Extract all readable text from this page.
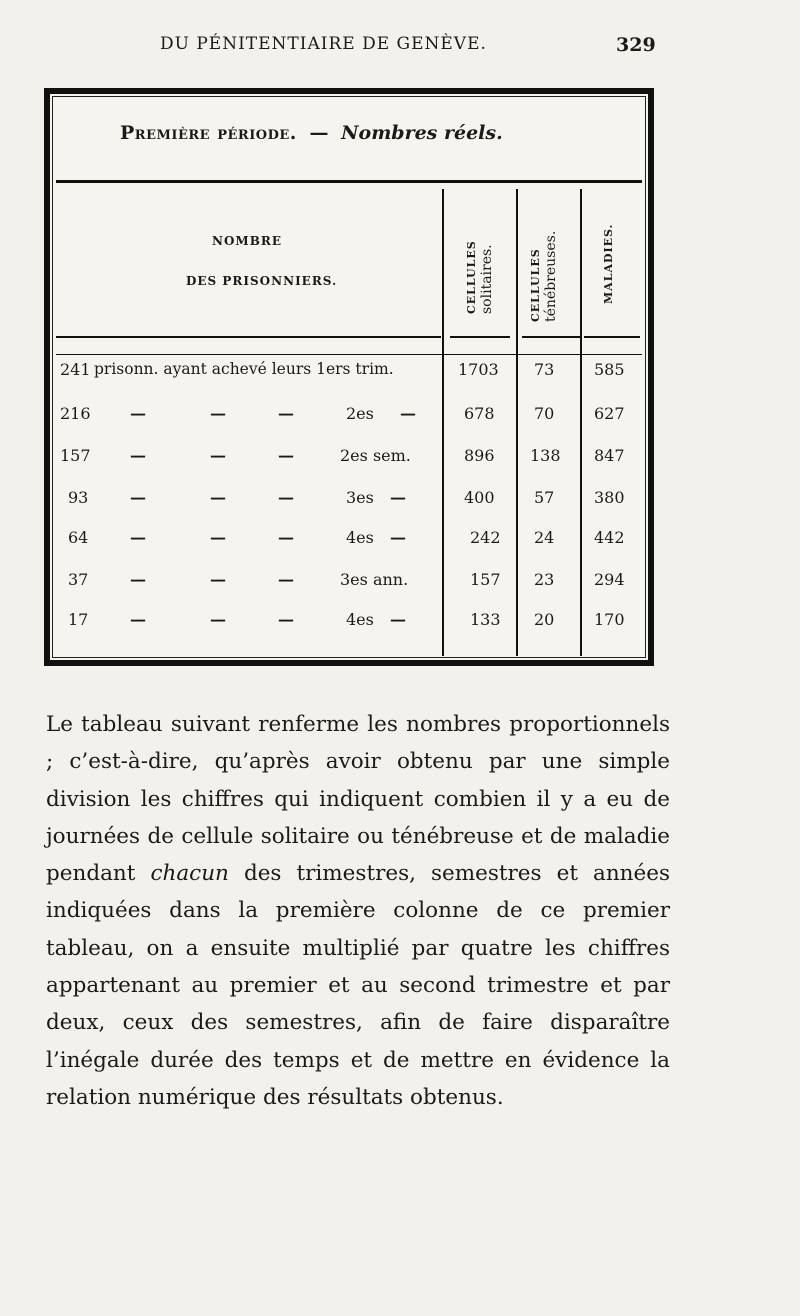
DU PÉNITENTIAIRE DE GENÈVE.	329
Première période. — Nombres réels.
NOMBRE
DES PRISONNIERS.	CELLULES solitaires.	CELLULES ténébreuses.	MALADIES.
241 prisonn. ayant achevé leurs 1ers trim.	1703 73 585
216 —	—	—	2es —	678 70 627
157 —	—	—	2es sem.	896 138 847
93	—	—	—	3es —	400 57 380
64	—	—	—	4es —	242 24 442
37	—	—	—	3es ann.	157 23 294
17	—	—	—	4es —	133 20 170
Le tableau suivant renferme les nombres proportionnels ; c’est-à-dire, qu’après avoir obtenu par une simple division les chiffres qui indiquent combien il y a eu de journées de cellule solitaire ou ténébreuse et de maladie pendant chacun des trimestres, semestres et années indiquées dans la première colonne de ce premier tableau, on a ensuite multiplié par quatre les chiffres appartenant au premier et au second trimestre et par deux, ceux des semestres, afin de faire disparaître l’inégale durée des temps et de mettre en évidence la relation numérique des résultats obtenus.
